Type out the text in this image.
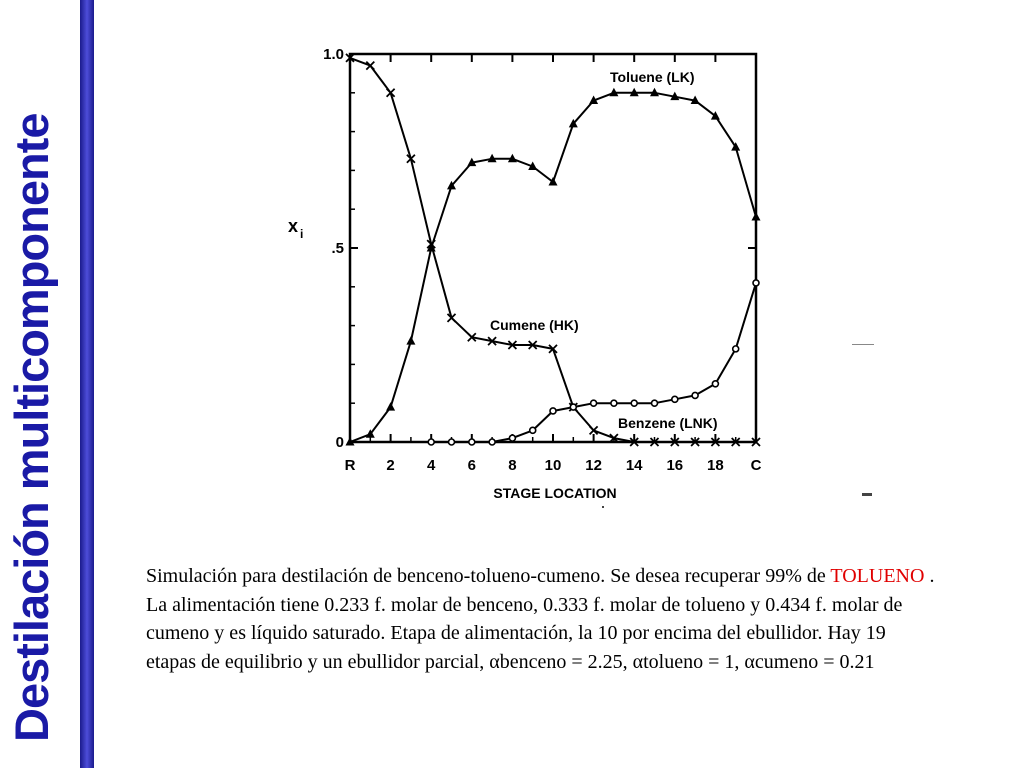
Destilación multicomponente	R 2 4 6 8 10 12 14 16 18 C
0
.5
1.0
STAGE LOCATION
x i
Toluene (LK)
Cumene (HK)
Benzene (LNK)
Simulación para destilación de benceno-tolueno-cumeno. Se desea recuperar 99% de TOLUENO . La alimentación tiene 0.233 f. molar de benceno, 0.333 f. molar de tolueno y 0.434 f. molar de cumeno y es líquido saturado. Etapa de alimentación, la 10 por encima del ebullidor. Hay 19 etapas de equilibrio y un ebullidor parcial, αbenceno = 2.25, αtolueno = 1, αcumeno = 0.21
